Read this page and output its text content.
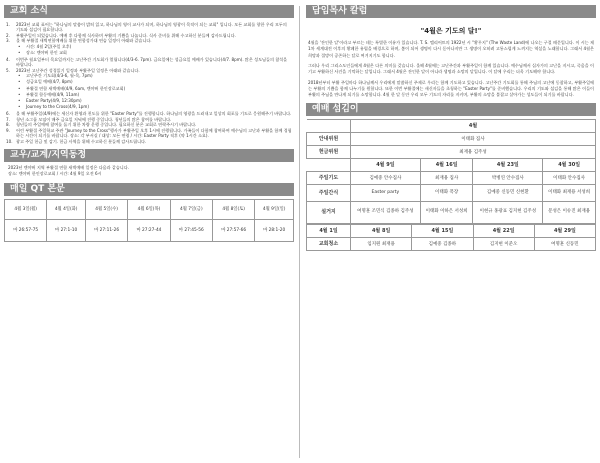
교회 소식
1.	2023년 교회 표어는 "하나님의 말씀이 밝히 읽고, 하나님의 영이 교사가 되며, 하나님의 영광이 목적이 되는 교회" 입니다. 모든 교회를 향한 우리 모두의 기도와 섬김이 필요합니다.
2.	부활주일이 되었습니다. 예배 후 다함께 식사하며 부활의 기쁨을 나눕니다. 식사 준비를 위해 수고하신 분들께 감사드립니다.
3.	올 해 부활절 새벽연합예배를 위한 연합성가대 연습 일정이 아래와 같습니다.
•	시간: 4월 2일(주일 오후)
•	장소: 엔야버 한인 교회
4.	이번주 월요일부터 목요일까지는 고난주간 기도회가 열립니다(4/3-6. 7pm). 금요일에는 성금요일 예배가 있습니다(4/7. 8pm). 많은 성도님들의 참석을 바랍니다.
5.	2023년 고난주간 성경읽기 일정과 부활주일 일정은 아래와 같습니다.
•	고난주간 기도회(4/3-6, 월-목, 7pm)
•	성금요일 예배(4/7, 8pm)
•	부활절 연합 새벽예배(4/9, 6am, 엔야버 한인장로교회)
•	부활절 합동예배(4/9, 11am)
•	Easter Party(4/9, 12:30pm)
•	Journey to the Cross(4/9, 1pm)
6.	올 해 부활주일(4/9)에는 세신자 환영과 친도를 위한 "Easter Party"를 진행합니다. 하나님의 영광을 드러내고 일상의 회포를 기도로 응원해주기 바랍니다.
7.	청년 소그룹 모임이 매주 금요일 저녁에 진행 중입니다. 청년들의 많은 참여를 바랍니다.
8.	청년들의 주일예배 참여를 돕기 위한 차량 운행 중입니다. 필요하신 분은 교회로 연락주시기 바랍니다.
9.	어린 부활절 주일학교 주관 "Journey to the Cross"행사가 부활주일 오후 1시에 진행됩니다. 가족들이 다함께 참여하여 예수님의 고난과 부활을 함께 경험하는 시간이 되기를 바랍니다. 장소: 각 부서실 / 대상: 모든 연령 / 시간: Easter Party 직후 (약 1시간 소요).
10. 광고 주일 헌금 및 감기. 헌금 사역을 위해 수고하신 분들께 감사드립니다.
교우/교계/지역동정
2023년 엔야버 지역 부활절 연합 새벽예배 일정은 다음과 같습니다.
장소: 엔야버 한인장로교회 / 시간: 4월 9일 오전 6시
매일 QT 본문
4월 3일(월)	4월 4일(화)	4월 5일(수)	4월 6일(목)	4월 7일(금)	4월 8일(토)	4월 9일(일)
마 26:57-75	마 27:1-10	마 27:11-26	마 27:27-44	마 27:45-56	마 27:57-66	마 28:1-20
담임목사 칼럼
"4월은 기도의 달!"

4월을 '잔인한 달'이라고 부르는 데는 특별한 이유가 있습니다. T. S. 엘리어트의 1922년 시 "황무지" (The Waste Land)에 나오는 구절 때문입니다. 이 시는 제1차 세계대전 이후의 황폐한 유럽을 배경으로 하며, 봄이 되어 생명이 다시 돋아나지만 그 생명이 오히려 고통스럽게 느껴지는 역설을 노래합니다. 그래서 4월은 희망과 절망이 공존하는 달로 여겨지기도 합니다.

그러나 우리 그리스도인들에게 4월은 다른 의미를 갖습니다. 올해 4월에는 고난주간과 부활주일이 함께 있습니다. 예수님께서 십자가의 고난을 지시고, 죽음을 이기고 부활하신 사건을 기억하는 달입니다. 그래서 4월은 잔인한 달이 아니라 생명과 소망의 달입니다. 이 달에 우리는 더욱 기도해야 합니다.

2018년부터 부활 주일마다 하나님께서 우리에게 말씀하신 주제로 우리는 함께 기도하고 있습니다. 고난주간 기도회를 통해 주님의 고난에 동참하고, 부활주일에는 부활의 기쁨을 함께 나누기를 원합니다. 또한 이번 부활절에는 새신자들을 초청하는 "Easter Party"를 준비했습니다. 우리의 기도와 섬김을 통해 많은 이들이 부활의 주님을 만나게 되기를 소망합니다. 4월 한 달 동안 우리 모두 기도의 자리를 지키며, 부활의 소망을 붙잡고 살아가는 성도들이 되기를 바랍니다.

예배 섬김이
	4월			
안내위원	이태화 집사			
헌금위원	최재용 김주성			
	4월 9일	4월 16일	4월 23일	4월 30일
주일기도	김예중 안수집사	최재용 집사	박병연 안수집사	이태화 안수집사
주일간식	Easter party	이태화 폭장	김예중 신동민 신현환	이태화 최재용 서성희
설거지	여명훈 조민식 김종하 김주성	이태화 이하은 서성희	이현규 홍광표 김지현 김주성	문성은 이슈진 최재용
4월 1일	4월 8일	4월 15일	4월 22일	4월 29일
교회청소	임지원 최재용	김예중 김종하	김지현 이준오	여명훈 신동민
